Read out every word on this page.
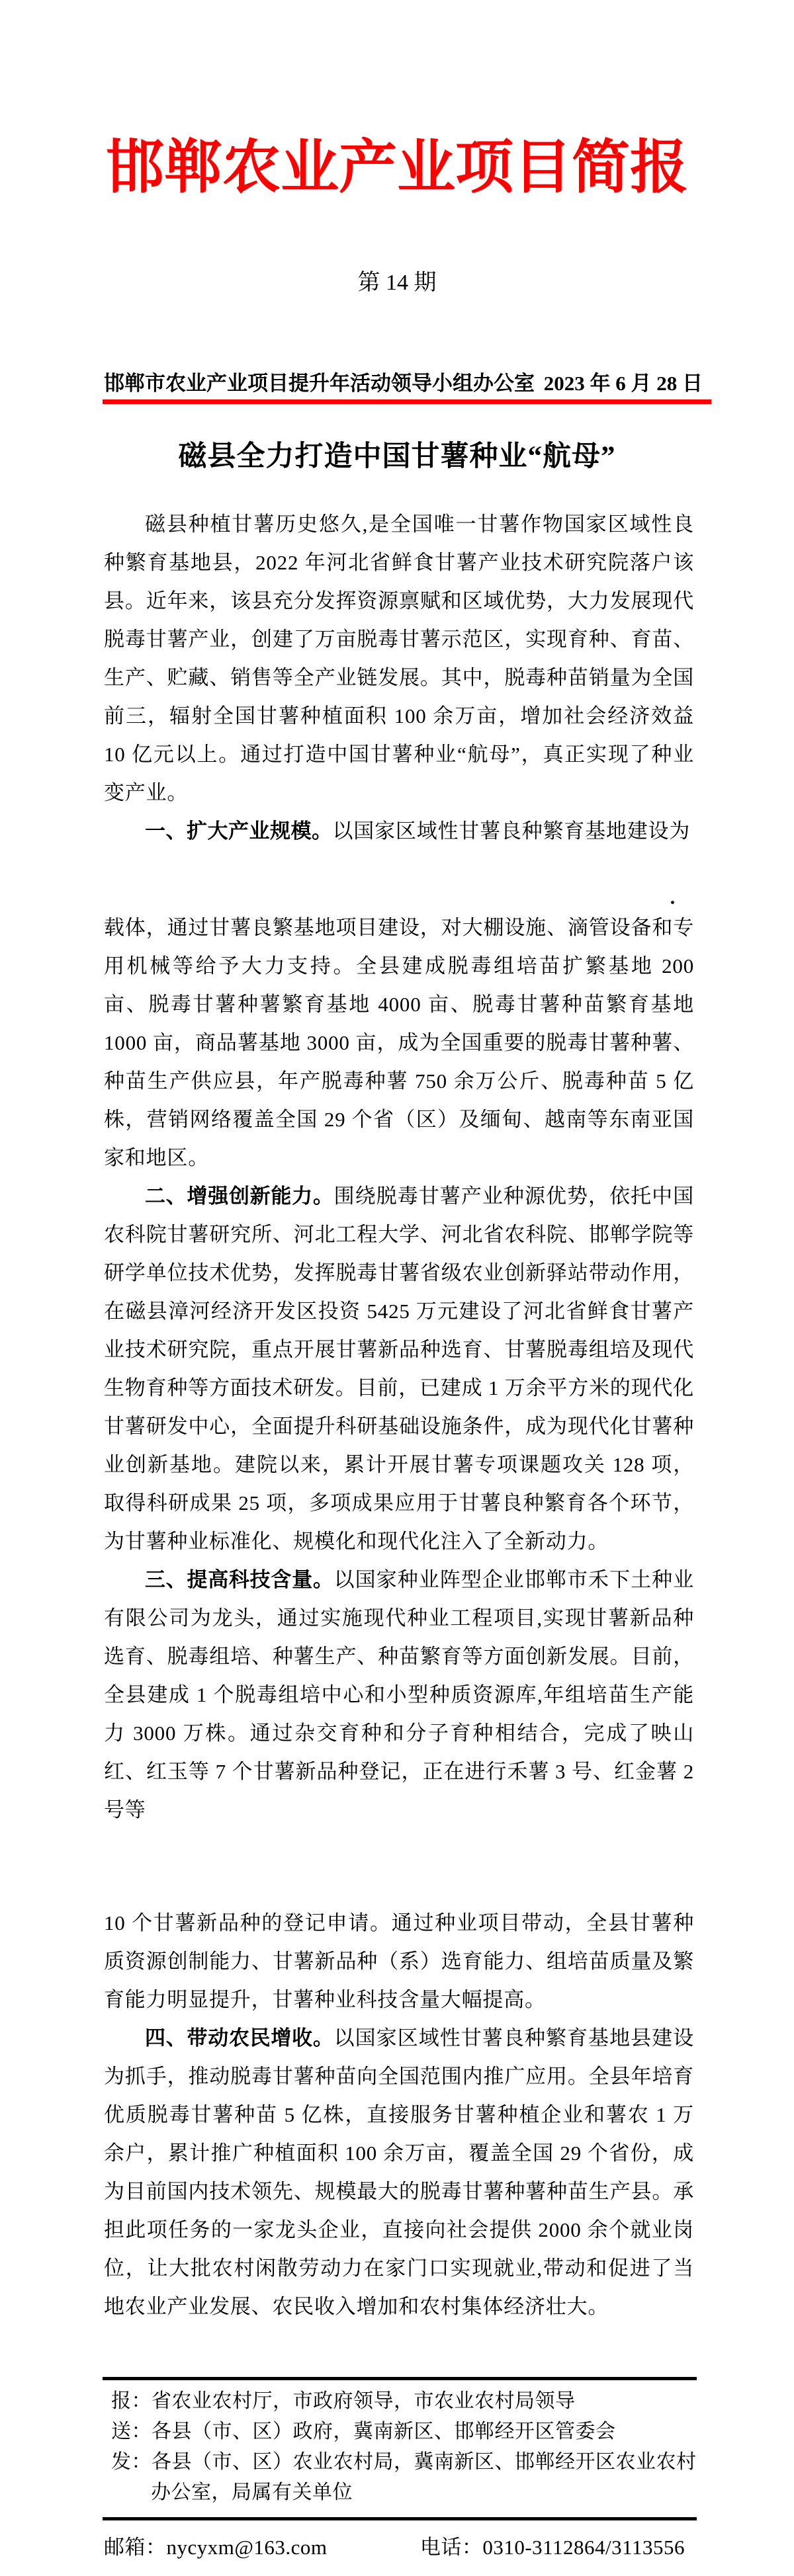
邯郸农业产业项目简报
第 14 期
邯郸市农业产业项目提升年活动领导小组办公室 2023 年 6 月 28 日
磁县全力打造中国甘薯种业“航母”

磁县种植甘薯历史悠久,是全国唯一甘薯作物国家区域性良种繁育基地县，2022 年河北省鲜食甘薯产业技术研究院落户该县。近年来，该县充分发挥资源禀赋和区域优势，大力发展现代脱毒甘薯产业，创建了万亩脱毒甘薯示范区，实现育种、育苗、生产、贮藏、销售等全产业链发展。其中，脱毒种苗销量为全国前三，辐射全国甘薯种植面积 100 余万亩，增加社会经济效益 10 亿元以上。通过打造中国甘薯种业“航母”，真正实现了种业变产业。

一、扩大产业规模。以国家区域性甘薯良种繁育基地建设为

载体，通过甘薯良繁基地项目建设，对大棚设施、滴管设备和专用机械等给予大力支持。全县建成脱毒组培苗扩繁基地 200 亩、脱毒甘薯种薯繁育基地 4000 亩、脱毒甘薯种苗繁育基地 1000 亩，商品薯基地 3000 亩，成为全国重要的脱毒甘薯种薯、种苗生产供应县，年产脱毒种薯 750 余万公斤、脱毒种苗 5 亿株，营销网络覆盖全国 29 个省（区）及缅甸、越南等东南亚国家和地区。

二、增强创新能力。围绕脱毒甘薯产业种源优势，依托中国农科院甘薯研究所、河北工程大学、河北省农科院、邯郸学院等研学单位技术优势，发挥脱毒甘薯省级农业创新驿站带动作用，在磁县漳河经济开发区投资 5425 万元建设了河北省鲜食甘薯产业技术研究院，重点开展甘薯新品种选育、甘薯脱毒组培及现代生物育种等方面技术研发。目前，已建成 1 万余平方米的现代化甘薯研发中心，全面提升科研基础设施条件，成为现代化甘薯种业创新基地。建院以来，累计开展甘薯专项课题攻关 128 项，取得科研成果 25 项，多项成果应用于甘薯良种繁育各个环节，为甘薯种业标准化、规模化和现代化注入了全新动力。

三、提高科技含量。以国家种业阵型企业邯郸市禾下土种业有限公司为龙头，通过实施现代种业工程项目,实现甘薯新品种选育、脱毒组培、种薯生产、种苗繁育等方面创新发展。目前，全县建成 1 个脱毒组培中心和小型种质资源库,年组培苗生产能力 3000 万株。通过杂交育种和分子育种相结合，完成了映山红、红玉等 7 个甘薯新品种登记，正在进行禾薯 3 号、红金薯 2 号等

10 个甘薯新品种的登记申请。通过种业项目带动，全县甘薯种质资源创制能力、甘薯新品种（系）选育能力、组培苗质量及繁育能力明显提升，甘薯种业科技含量大幅提高。

四、带动农民增收。以国家区域性甘薯良种繁育基地县建设为抓手，推动脱毒甘薯种苗向全国范围内推广应用。全县年培育优质脱毒甘薯种苗 5 亿株，直接服务甘薯种植企业和薯农 1 万余户，累计推广种植面积 100 余万亩，覆盖全国 29 个省份，成为目前国内技术领先、规模最大的脱毒甘薯种薯种苗生产县。承担此项任务的一家龙头企业，直接向社会提供 2000 余个就业岗位，让大批农村闲散劳动力在家门口实现就业,带动和促进了当地农业产业发展、农民收入增加和农村集体经济壮大。

报：省农业农村厅，市政府领导，市农业农村局领导

送：各县（市、区）政府，冀南新区、邯郸经开区管委会

发：各县（市、区）农业农村局，冀南新区、邯郸经开区农业农村办公室，局属有关单位

邮箱：nycyxm@163.com	电话：0310-3112864/3113556
